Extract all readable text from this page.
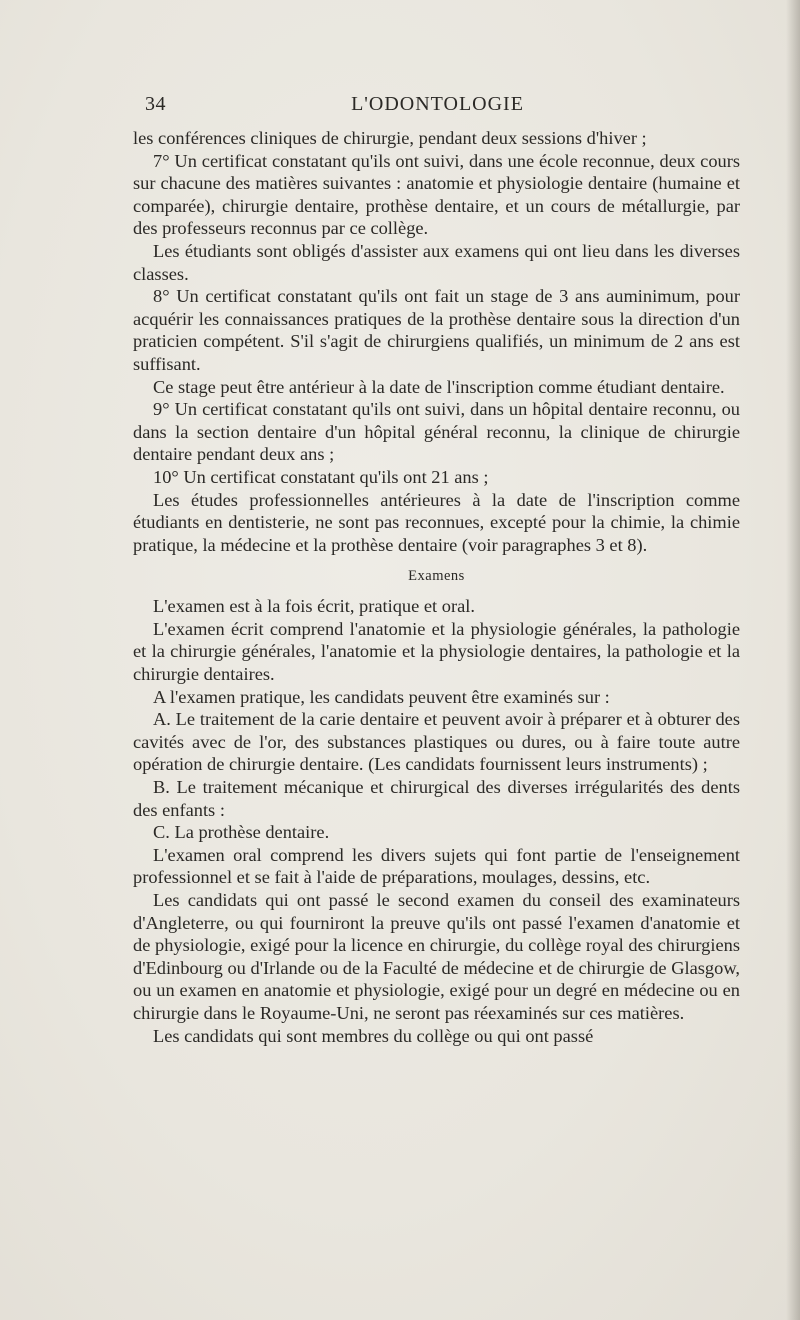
L'ODONTOLOGIE
34

les conférences cliniques de chirurgie, pendant deux sessions d'hiver ;

7° Un certificat constatant qu'ils ont suivi, dans une école reconnue, deux cours sur chacune des matières suivantes : anatomie et physiologie dentaire (humaine et comparée), chirurgie dentaire, prothèse dentaire, et un cours de métallurgie, par des professeurs reconnus par ce collège.

Les étudiants sont obligés d'assister aux examens qui ont lieu dans les diverses classes.

8° Un certificat constatant qu'ils ont fait un stage de 3 ans auminimum, pour acquérir les connaissances pratiques de la prothèse dentaire sous la direction d'un praticien compétent. S'il s'agit de chirurgiens qualifiés, un minimum de 2 ans est suffisant.

Ce stage peut être antérieur à la date de l'inscription comme étudiant dentaire.

9° Un certificat constatant qu'ils ont suivi, dans un hôpital dentaire reconnu, ou dans la section dentaire d'un hôpital général reconnu, la clinique de chirurgie dentaire pendant deux ans ;

10° Un certificat constatant qu'ils ont 21 ans ;

Les études professionnelles antérieures à la date de l'inscription comme étudiants en dentisterie, ne sont pas reconnues, excepté pour la chimie, la chimie pratique, la médecine et la prothèse dentaire (voir paragraphes 3 et 8).

Examens

L'examen est à la fois écrit, pratique et oral.

L'examen écrit comprend l'anatomie et la physiologie générales, la pathologie et la chirurgie générales, l'anatomie et la physiologie dentaires, la pathologie et la chirurgie dentaires.

A l'examen pratique, les candidats peuvent être examinés sur :

A. Le traitement de la carie dentaire et peuvent avoir à préparer et à obturer des cavités avec de l'or, des substances plastiques ou dures, ou à faire toute autre opération de chirurgie dentaire. (Les candidats fournissent leurs instruments) ;

B. Le traitement mécanique et chirurgical des diverses irrégularités des dents des enfants :

C. La prothèse dentaire.

L'examen oral comprend les divers sujets qui font partie de l'enseignement professionnel et se fait à l'aide de préparations, moulages, dessins, etc.

Les candidats qui ont passé le second examen du conseil des examinateurs d'Angleterre, ou qui fourniront la preuve qu'ils ont passé l'examen d'anatomie et de physiologie, exigé pour la licence en chirurgie, du collège royal des chirurgiens d'Edinbourg ou d'Irlande ou de la Faculté de médecine et de chirurgie de Glasgow, ou un examen en anatomie et physiologie, exigé pour un degré en médecine ou en chirurgie dans le Royaume-Uni, ne seront pas réexaminés sur ces matières.

Les candidats qui sont membres du collège ou qui ont passé
